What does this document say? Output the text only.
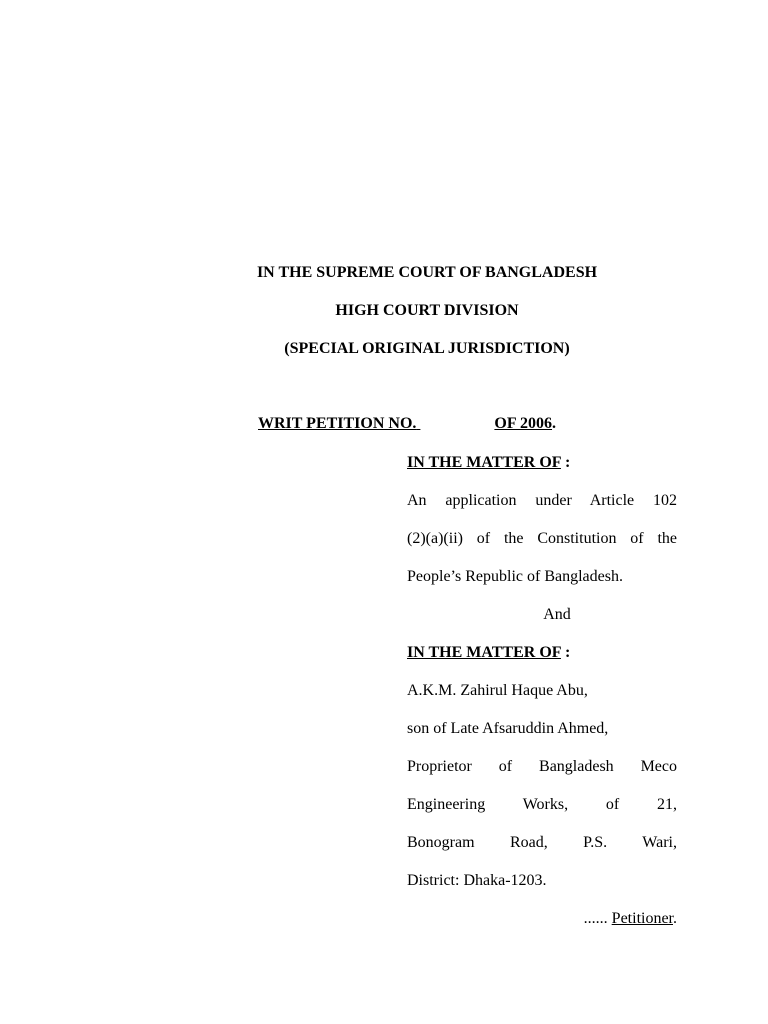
IN THE SUPREME COURT OF BANGLADESH
HIGH COURT DIVISION
(SPECIAL ORIGINAL JURISDICTION)
WRIT PETITION NO.	OF 2006.
IN THE MATTER OF :
An application under Article 102
(2)(a)(ii) of the Constitution of the
People’s Republic of Bangladesh.
And
IN THE MATTER OF :
A.K.M. Zahirul Haque Abu,
son of Late Afsaruddin Ahmed,
Proprietor of Bangladesh Meco
Engineering Works, of 21,
Bonogram Road, P.S. Wari,
District: Dhaka-1203.
...... Petitioner.
